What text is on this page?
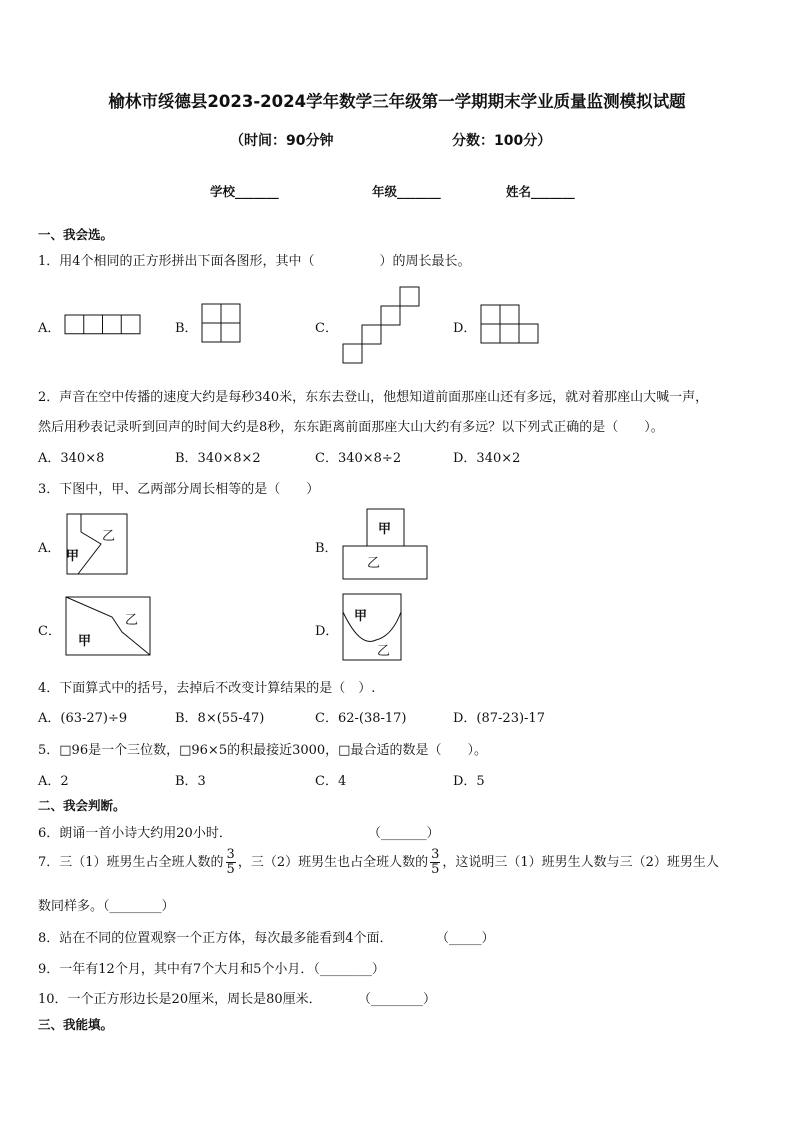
榆林市绥德县2023-2024学年数学三年级第一学期期末学业质量监测模拟试题
（时间：90分钟	分数：100分）
学校_______	年级_______	姓名_______
一、我会选。
1．用4个相同的正方形拼出下面各图形，其中（　　　　　）的周长最长。
A．	B．	C．	D．
乙
甲
甲
乙
乙
甲
甲
乙
2．声音在空中传播的速度大约是每秒340米，东东去登山，他想知道前面那座山还有多远，就对着那座山大喊一声，
然后用秒表记录听到回声的时间大约是8秒，东东距离前面那座大山大约有多远？以下列式正确的是（　　）。
A．340×8	B．340×8×2	C．340×8÷2	D．340×2
3．下图中，甲、乙两部分周长相等的是（　　）
A．	B．
C．	D．
4．下面算式中的括号，去掉后不改变计算结果的是（　）.
A．(63-27)÷9	B．8×(55-47)	C．62-(38-17)	D．(87-23)-17
5．□96是一个三位数，□96×5的积最接近3000，□最合适的数是（　　）。
A．2	B．3	C．4	D．5
二、我会判断。
6．朗诵一首小诗大约用20小时．	（_______）
7．三（1）班男生占全班人数的 $\frac{3}{5}$ ，三（2）班男生也占全班人数的 $\frac{3}{5}$ ，这说明三（1）班男生人数与三（2）班男生人
数同样多。（________）
8．站在不同的位置观察一个正方体，每次最多能看到4个面．	（_____）
9．一年有12个月，其中有7个大月和5个小月．（________）
10．一个正方形边长是20厘米，周长是80厘米．	（________）
三、我能填。
